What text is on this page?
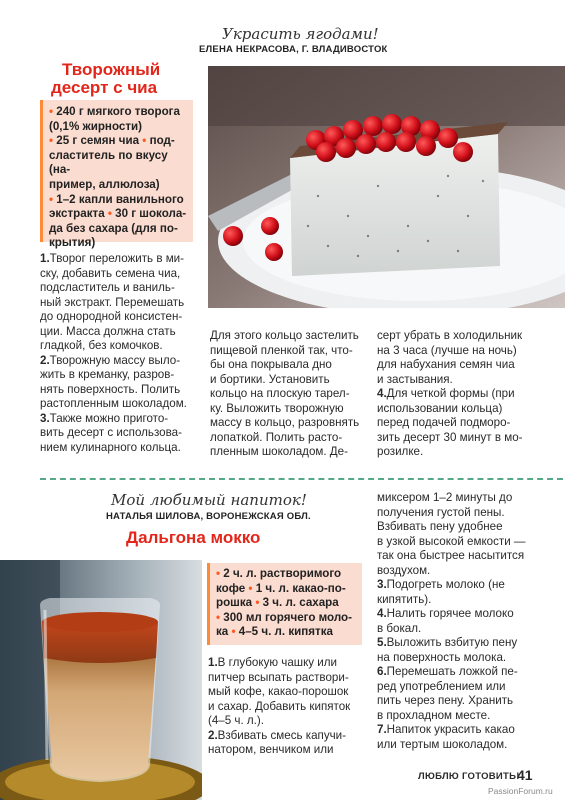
Украсить ягодами!
ЕЛЕНА НЕКРАСОВА, Г. ВЛАДИВОСТОК
Творожный
десерт с чиа

• 240 г мягкого творога

(0,1% жирности)

• 25 г семян чиа • под-

сластитель по вкусу (на-

пример, аллюлоза)

• 1–2 капли ванильного

экстракта • 30 г шокола-

да без сахара (для по-

крытия)

1.Творог переложить в ми-

ску, добавить семена чиа,

подсластитель и ваниль-

ный экстракт. Перемешать

до однородной консистен-

ции. Масса должна стать

гладкой, без комочков.

2.Творожную массу выло-

жить в креманку, разров-

нять поверхность. Полить

растопленным шоколадом.

3.Также можно пригото-

вить десерт с использова-

нием кулинарного кольца.

Для этого кольцо застелить

пищевой пленкой так, что-

бы она покрывала дно

и бортики. Установить

кольцо на плоскую тарел-

ку. Выложить творожную

массу в кольцо, разровнять

лопаткой. Полить расто-

пленным шоколадом. Де-

серт убрать в холодильник

на 3 часа (лучше на ночь)

для набухания семян чиа

и застывания.

4.Для четкой формы (при

использовании кольца)

перед подачей подморо-

зить десерт 30 минут в мо-

розилке.

Мой любимый напиток!
НАТАЛЬЯ ШИЛОВА, ВОРОНЕЖСКАЯ ОБЛ.
Дальгона мокко

• 2 ч. л. растворимого

кофе • 1 ч. л. какао-по-

рошка • 3 ч. л. сахара

• 300 мл горячего моло-

ка • 4–5 ч. л. кипятка

1.В глубокую чашку или

питчер всыпать раствори-

мый кофе, какао-порошок

и сахар. Добавить кипяток

(4–5 ч. л.).

2.Взбивать смесь капучи-

натором, венчиком или

миксером 1–2 минуты до

получения густой пены.

Взбивать пену удобнее

в узкой высокой емкости —

так она быстрее насытится

воздухом.

3.Подогреть молоко (не

кипятить).

4.Налить горячее молоко

в бокал.

5.Выложить взбитую пену

на поверхность молока.

6.Перемешать ложкой пе-

ред употреблением или

пить через пену. Хранить

в прохладном месте.

7.Напиток украсить какао

или тертым шоколадом.

ЛЮБЛЮ ГОТОВИТЬ!
41
PassionForum.ru
